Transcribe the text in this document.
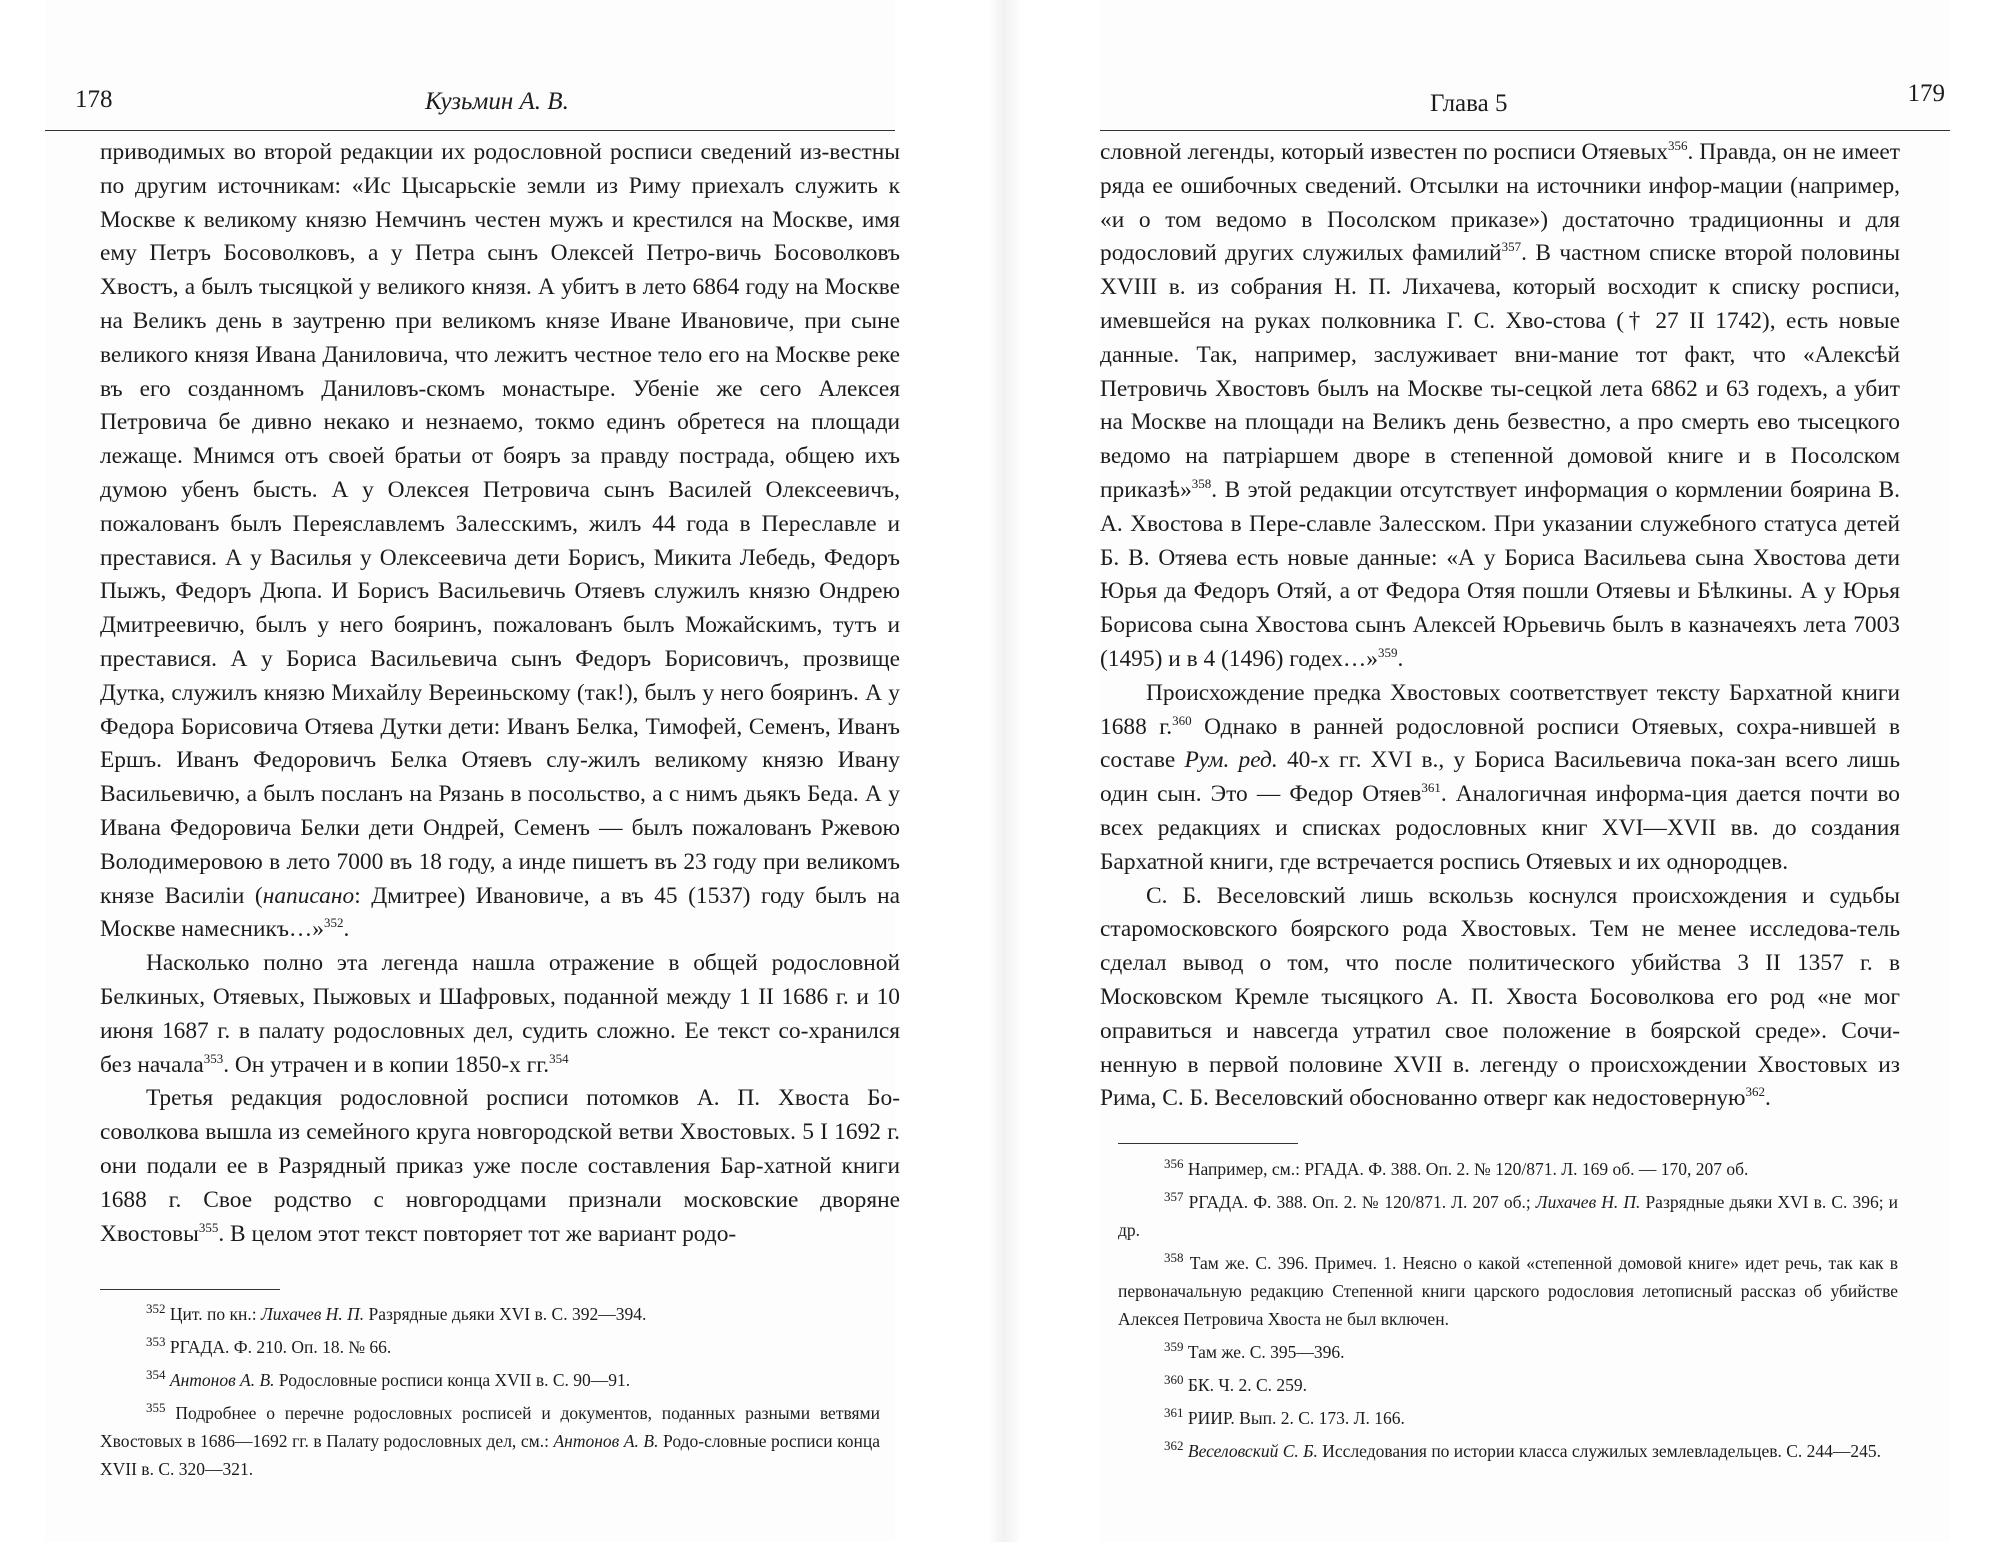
178	Кузьмин А. В.

приводимых во второй редакции их родословной росписи сведений из-вестны по другим источникам: «Ис Цысарьскіе земли из Риму приехалъ служить к Москве к великому князю Немчинъ честен мужъ и крестился на Москве, имя ему Петръ Босоволковъ, а у Петра сынъ Олексей Петро-вичь Босоволковъ Хвостъ, а былъ тысяцкой у великого князя. А убитъ в лето 6864 году на Москве на Великъ день в заутреню при великомъ князе Иване Ивановиче, при сыне великого князя Ивана Даниловича, что лежитъ честное тело его на Москве реке въ его созданномъ Даниловъ-скомъ монастыре. Убеніе же сего Алексея Петровича бе дивно некако и незнаемо, токмо единъ обретеся на площади лежаще. Мнимся отъ своей братьи от бояръ за правду пострада, общею ихъ думою убенъ бысть. А у Олексея Петровича сынъ Василей Олексеевичъ, пожалованъ былъ Переяславлемъ Залесскимъ, жилъ 44 года в Переславле и преставися. А у Василья у Олексеевича дети Борисъ, Микита Лебедь, Федоръ Пыжъ, Федоръ Дюпа. И Борисъ Васильевичь Отяевъ служилъ князю Ондрею Дмитреевичю, былъ у него бояринъ, пожалованъ былъ Можайскимъ, тутъ и преставися. А у Бориса Васильевича сынъ Федоръ Борисовичъ, прозвище Дутка, служилъ князю Михайлу Вереиньскому (так!), былъ у него бояринъ. А у Федора Борисовича Отяева Дутки дети: Иванъ Белка, Тимофей, Семенъ, Иванъ Ершъ. Иванъ Федоровичъ Белка Отяевъ слу-жилъ великому князю Ивану Васильевичю, а былъ посланъ на Рязань в посольство, а с нимъ дьякъ Беда. А у Ивана Федоровича Белки дети Ондрей, Семенъ — былъ пожалованъ Ржевою Володимеровою в лето 7000 въ 18 году, а инде пишетъ въ 23 году при великомъ князе Василіи (написано: Дмитрее) Ивановиче, а въ 45 (1537) году былъ на Москве намесникъ…»$^{352}$.

Насколько полно эта легенда нашла отражение в общей родословной Белкиных, Отяевых, Пыжовых и Шафровых, поданной между 1 II 1686 г. и 10 июня 1687 г. в палату родословных дел, судить сложно. Ее текст со-хранился без начала$^{353}$. Он утрачен и в копии 1850-х гг.$^{354}$

Третья редакция родословной росписи потомков А. П. Хвоста Бо-соволкова вышла из семейного круга новгородской ветви Хвостовых. 5 I 1692 г. они подали ее в Разрядный приказ уже после составления Бар-хатной книги 1688 г. Свое родство с новгородцами признали московские дворяне Хвостовы$^{355}$. В целом этот текст повторяет тот же вариант родо-

$^{352}$ Цит. по кн.: Лихачев Н. П. Разрядные дьяки XVI в. С. 392—394.

$^{353}$ РГАДА. Ф. 210. Оп. 18. № 66.

$^{354}$ Антонов А. В. Родословные росписи конца XVII в. С. 90—91.

$^{355}$ Подробнее о перечне родословных росписей и документов, поданных разными ветвями Хвостовых в 1686—1692 гг. в Палату родословных дел, см.: Антонов А. В. Родо-словные росписи конца XVII в. С. 320—321.

Глава 5	179

словной легенды, который известен по росписи Отяевых$^{356}$. Правда, он не имеет ряда ее ошибочных сведений. Отсылки на источники инфор-мации (например, «и о том ведомо в Посолском приказе») достаточно традиционны и для родословий других служилых фамилий$^{357}$. В частном списке второй половины XVIII в. из собрания Н. П. Лихачева, который восходит к списку росписи, имевшейся на руках полковника Г. С. Хво-стова († 27 II 1742), есть новые данные. Так, например, заслуживает вни-мание тот факт, что «Алексѣй Петровичь Хвостовъ былъ на Москве ты-сецкой лета 6862 и 63 годехъ, а убит на Москве на площади на Великъ день безвестно, а про смерть ево тысецкого ведомо на патріаршем дворе в степенной домовой книге и в Посолском приказѣ»$^{358}$. В этой редакции отсутствует информация о кормлении боярина В. А. Хвостова в Пере-славле Залесском. При указании служебного статуса детей Б. В. Отяева есть новые данные: «А у Бориса Васильева сына Хвостова дети Юрья да Федоръ Отяй, а от Федора Отяя пошли Отяевы и Бѣлкины. А у Юрья Борисова сына Хвостова сынъ Алексей Юрьевичь былъ в казначеяхъ лета 7003 (1495) и в 4 (1496) годех…»$^{359}$.

Происхождение предка Хвостовых соответствует тексту Бархатной книги 1688 г.$^{360}$ Однако в ранней родословной росписи Отяевых, сохра-нившей в составе Рум. ред. 40-х гг. XVI в., у Бориса Васильевича пока-зан всего лишь один сын. Это — Федор Отяев$^{361}$. Аналогичная информа-ция дается почти во всех редакциях и списках родословных книг XVI—XVII вв. до создания Бархатной книги, где встречается роспись Отяевых и их однородцев.

С. Б. Веселовский лишь вскользь коснулся происхождения и судьбы старомосковского боярского рода Хвостовых. Тем не менее исследова-тель сделал вывод о том, что после политического убийства 3 II 1357 г. в Московском Кремле тысяцкого А. П. Хвоста Босоволкова его род «не мог оправиться и навсегда утратил свое положение в боярской среде». Сочи-ненную в первой половине XVII в. легенду о происхождении Хвостовых из Рима, С. Б. Веселовский обоснованно отверг как недостоверную$^{362}$.

$^{356}$ Например, см.: РГАДА. Ф. 388. Оп. 2. № 120/871. Л. 169 об. — 170, 207 об.

$^{357}$ РГАДА. Ф. 388. Оп. 2. № 120/871. Л. 207 об.; Лихачев Н. П. Разрядные дьяки XVI в. С. 396; и др.

$^{358}$ Там же. С. 396. Примеч. 1. Неясно о какой «степенной домовой книге» идет речь, так как в первоначальную редакцию Степенной книги царского родословия летописный рассказ об убийстве Алексея Петровича Хвоста не был включен.

$^{359}$ Там же. С. 395—396.

$^{360}$ БК. Ч. 2. С. 259.

$^{361}$ РИИР. Вып. 2. С. 173. Л. 166.

$^{362}$ Веселовский С. Б. Исследования по истории класса служилых землевладельцев. С. 244—245.
